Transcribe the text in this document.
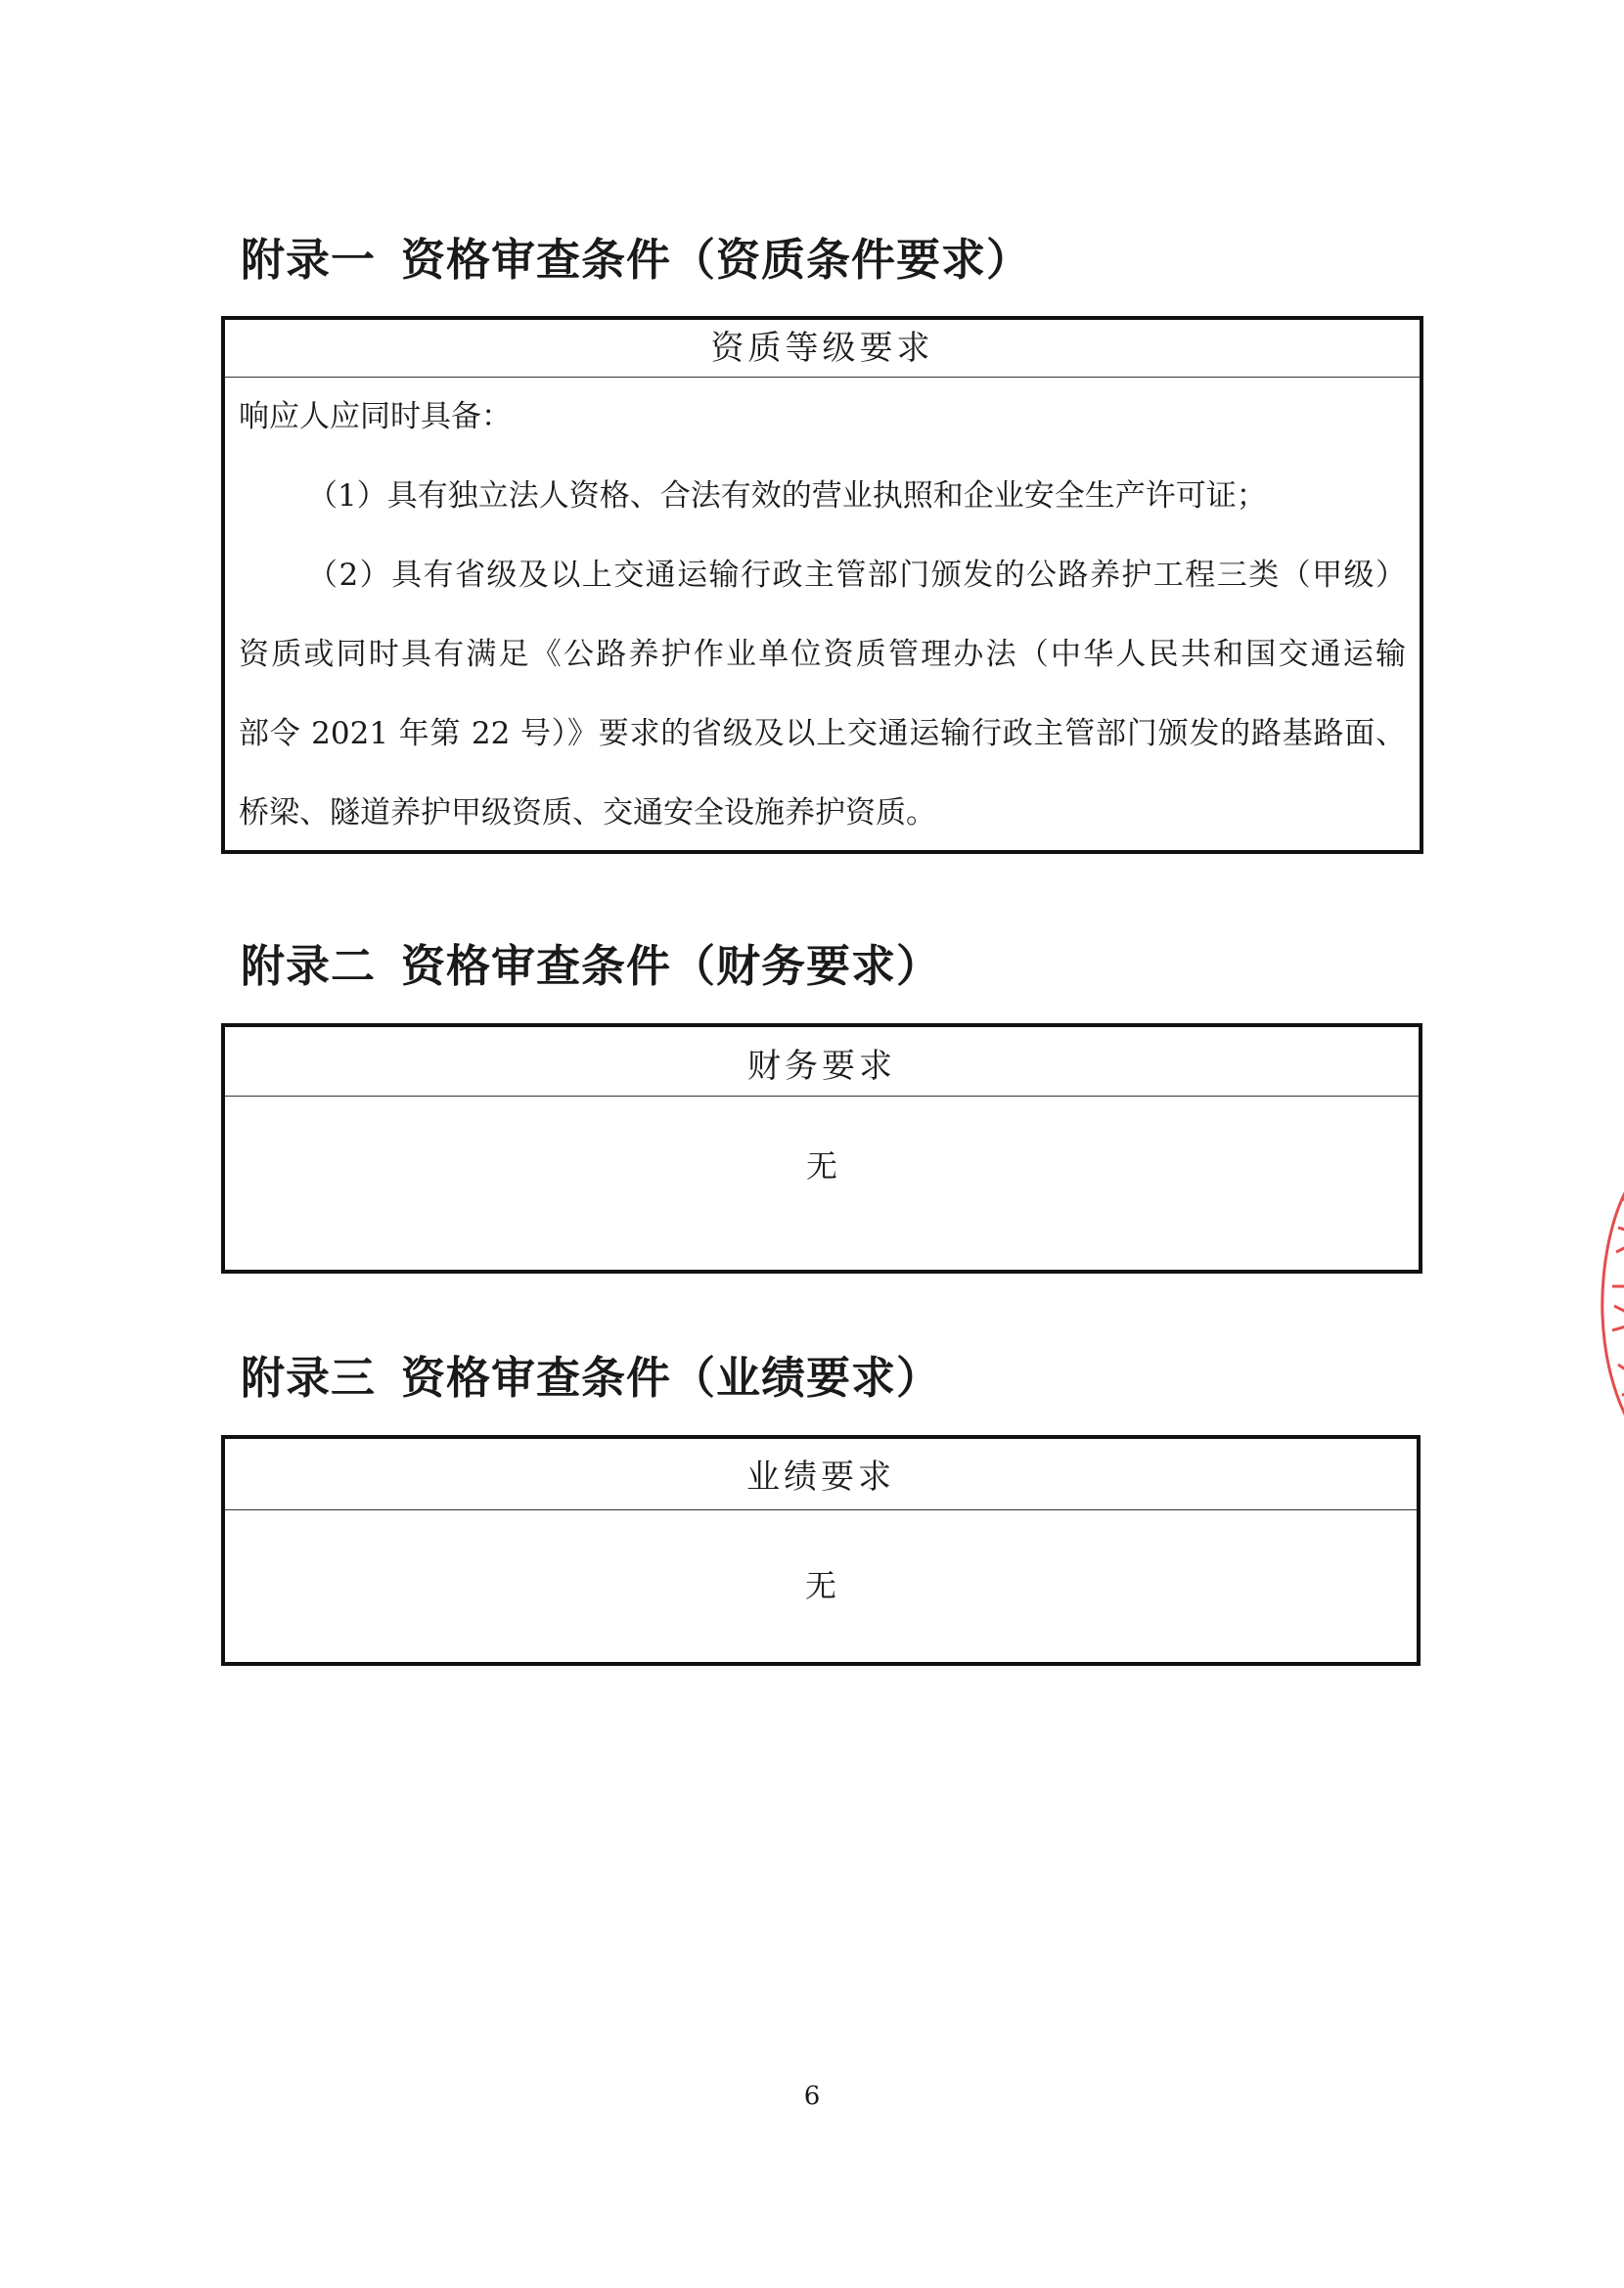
附录一 资格审查条件（资质条件要求）
资质等级要求
响应人应同时具备：
（1）具有独立法人资格、合法有效的营业执照和企业安全生产许可证；
（2）具有省级及以上交通运输行政主管部门颁发的公路养护工程三类（甲级）
资质或同时具有满足《公路养护作业单位资质管理办法（中华人民共和国交通运输
部令 2021 年第 22 号）》要求的省级及以上交通运输行政主管部门颁发的路基路面、
桥梁、隧道养护甲级资质、交通安全设施养护资质。
附录二 资格审查条件（财务要求）
财务要求
无
附录三 资格审查条件（业绩要求）
业绩要求
无
6
